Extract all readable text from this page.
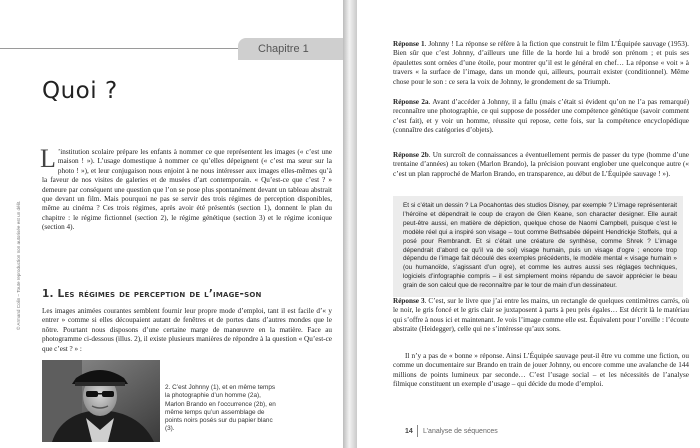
Chapitre 1
Quoi ?

L ’institution scolaire prépare les enfants à nommer ce que représentent les images (« c’est une maison ! »). L’usage domestique à nommer ce qu’elles dépeignent (« c’est ma sœur sur la photo ! »), et leur conjugaison nous enjoint à ne nous intéresser aux images elles-mêmes qu’à la faveur de nos visites de galeries et de musées d’art contemporain. « Qu’est-ce que c’est ? » demeure par conséquent une question que l’on se pose plus spontanément devant un tableau abstrait que devant un film. Mais pourquoi ne pas se servir des trois régimes de perception disponibles, même au cinéma ? Ces trois régimes, après avoir été présentés (section 1), donnent le plan du chapitre : le régime fictionnel (section 2), le régime génétique (section 3) et le régime iconique (section 4).

1. Les régimes de perception de l’image-son

Les images animées courantes semblent fournir leur propre mode d’emploi, tant il est facile d’« y entrer » comme si elles découpaient autant de fenêtres et de portes dans d’autres mondes que le nôtre. Pourtant nous disposons d’une certaine marge de manœuvre en la matière. Face au photogramme ci-dessous (illus. 2), il existe plusieurs manières de répondre à la question « Qu’est-ce que c’est ? » :

2. C’est Johnny (1), et en même temps la photographie d’un homme (2a), Marlon Brando en l’occurrence (2b), en même temps qu’un assemblage de points noirs posés sur du papier blanc (3).

© Armand Colin – Toute reproduction non autorisée est un délit.

Réponse 1. Johnny ! La réponse se réfère à la fiction que construit le film L’Équipée sauvage (1953). Bien sûr que c’est Johnny, d’ailleurs une fille de la horde lui a brodé son prénom ; et puis ses épaulettes sont ornées d’une étoile, pour montrer qu’il est le général en chef… La réponse « voit » à travers « la surface de l’image, dans un monde qui, ailleurs, pourrait exister (conditionnel). Même chose pour le son : ce sera la voix de Johnny, le grondement de sa Triumph.

Réponse 2a. Avant d’accéder à Johnny, il a fallu (mais c’était si évident qu’on ne l’a pas remarqué) reconnaître une photographie, ce qui suppose de posséder une compétence génétique (savoir comment c’est fait), et y voir un homme, réussite qui repose, cette fois, sur la compétence encyclopédique (connaître des catégories d’objets).

Réponse 2b. Un surcroît de connaissances a éventuellement permis de passer du type (homme d’une trentaine d’années) au token (Marlon Brando), la précision pouvant englober une quelconque autre (« c’est un plan rapproché de Marlon Brando, en transparence, au début de L’Équipée sauvage ! »).

Et si c’était un dessin ? La Pocahontas des studios Disney, par exemple ? L’image représenterait l’héroïne et dépendrait le coup de crayon de Glen Keane, son character designer. Elle aurait peut-être aussi, en matière de dépiction, quelque chose de Naomi Campbell, puisque c’est le modèle réel qui a inspiré son visage – tout comme Bethsabée dépeint Hendrickje Stoffels, qui a posé pour Rembrandt. Et si c’était une créature de synthèse, comme Shrek ? L’image dépendrait d’abord ce qu’il va de soi) visage humain, puis un visage d’ogre ; encore trop dépendu de l’image fait découlé des exemples précédents, le modèle mental « visage humain » (ou humanoïde, s’agissant d’un ogre), et comme les autres aussi ses réglages techniques, logiciels d’infographie compris – il est simplement moins répandu de savoir apprécier le beau grain de son calcul que de reconnaître par le tour de main d’un dessinateur.

Réponse 3. C’est, sur le livre que j’ai entre les mains, un rectangle de quelques centimètres carrés, où le noir, le gris foncé et le gris clair se juxtaposent à parts à peu près égales… Est décrit là le matériau qui s’offre à nous ici et maintenant. Je vois l’image comme elle est. Équivalent pour l’oreille : l’écoute abstraite (Heidegger), celle qui ne s’intéresse qu’aux sons.

Il n’y a pas de « bonne » réponse. Ainsi L’Équipée sauvage peut-il être vu comme une fiction, ou comme un documentaire sur Brando en train de jouer Johnny, ou encore comme une avalanche de 144 millions de points lumineux par seconde… C’est l’usage social – et les nécessités de l’analyse filmique constituent un exemple d’usage – qui décide du mode d’emploi.

14 L’analyse de séquences
